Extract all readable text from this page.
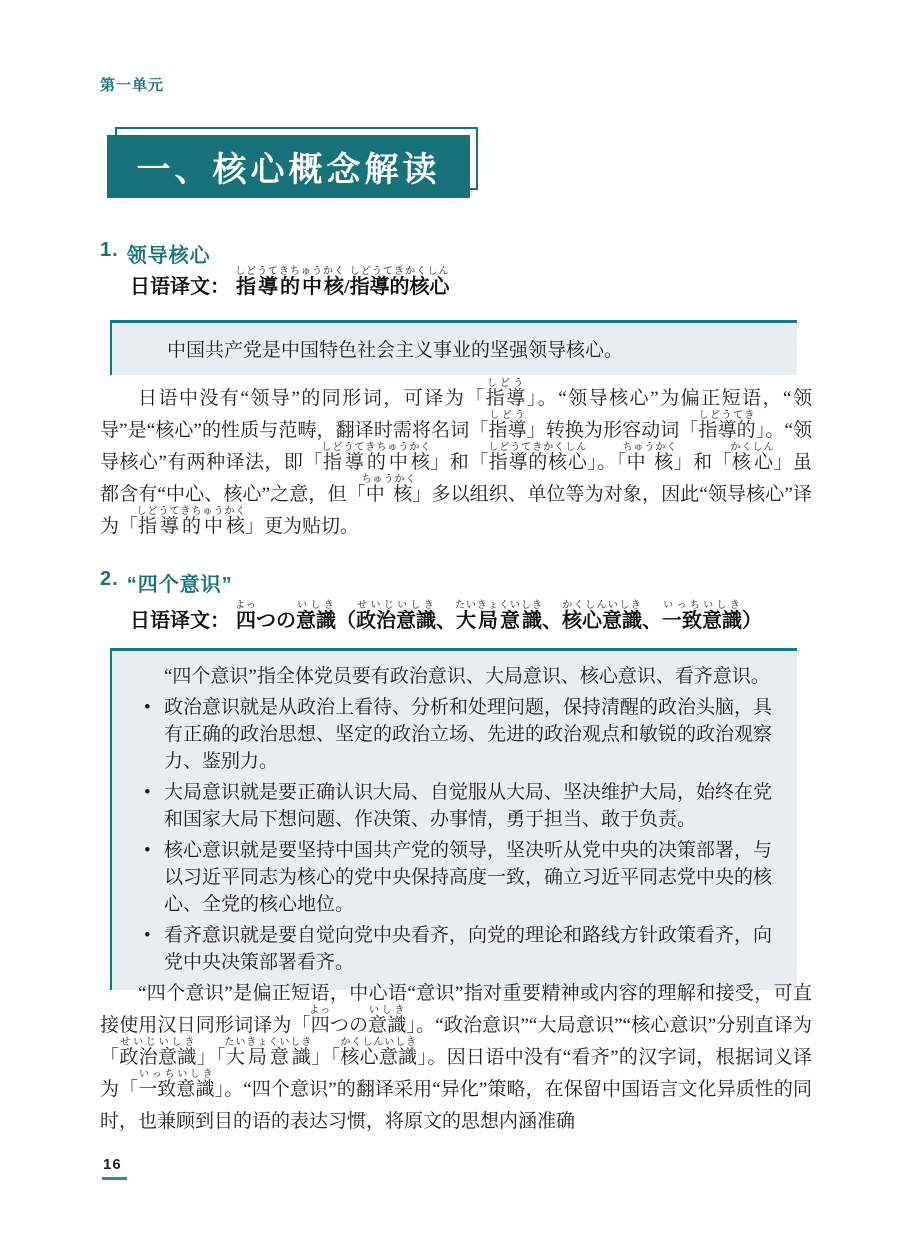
第一单元
一、核心概念解读
1. 领导核心
日语译文： 指導的中核しどうてきちゅうかく/指導的核心しどうてきかくしん
中国共产党是中国特色社会主义事业的坚强领导核心。
日语中没有“领导”的同形词，可译为「指導しどう」。“领导核心”为偏正短语，“领导”是“核心”的性质与范畴，翻译时需将名词「指導しどう」转换为形容动词「指導的しどうてき」。“领导核心”有两种译法，即「指導的中核しどうてきちゅうかく」和「指導的核心しどうてきかくしん」。「中核ちゅうかく」和「核心かくしん」虽都含有“中心、核心”之意，但「中核ちゅうかく」多以组织、单位等为对象，因此“领导核心”译为「指導的中核しどうてきちゅうかく」更为贴切。
2. “四个意识”
日语译文： 四よっつの意識いしき（政治意識せいじいしき、大局意識たいきょくいしき、核心意識かくしんいしき、一致意識いっちいしき）
“四个意识”指全体党员要有政治意识、大局意识、核心意识、看齐意识。
• 政治意识就是从政治上看待、分析和处理问题，保持清醒的政治头脑，具有正确的政治思想、坚定的政治立场、先进的政治观点和敏锐的政治观察力、鉴别力。
• 大局意识就是要正确认识大局、自觉服从大局、坚决维护大局，始终在党和国家大局下想问题、作决策、办事情，勇于担当、敢于负责。
• 核心意识就是要坚持中国共产党的领导，坚决听从党中央的决策部署，与以习近平同志为核心的党中央保持高度一致，确立习近平同志党中央的核心、全党的核心地位。
• 看齐意识就是要自觉向党中央看齐，向党的理论和路线方针政策看齐，向党中央决策部署看齐。
“四个意识”是偏正短语，中心语“意识”指对重要精神或内容的理解和接受，可直接使用汉日同形词译为「四よっつの意識いしき」。“政治意识”“大局意识”“核心意识”分别直译为「政治意識せいじいしき」「大局意識たいきょくいしき」「核心意識かくしんいしき」。因日语中没有“看齐”的汉字词，根据词义译为「一致意識いっちいしき」。“四个意识”的翻译采用“异化”策略，在保留中国语言文化异质性的同时，也兼顾到目的语的表达习惯，将原文的思想内涵准确
16
